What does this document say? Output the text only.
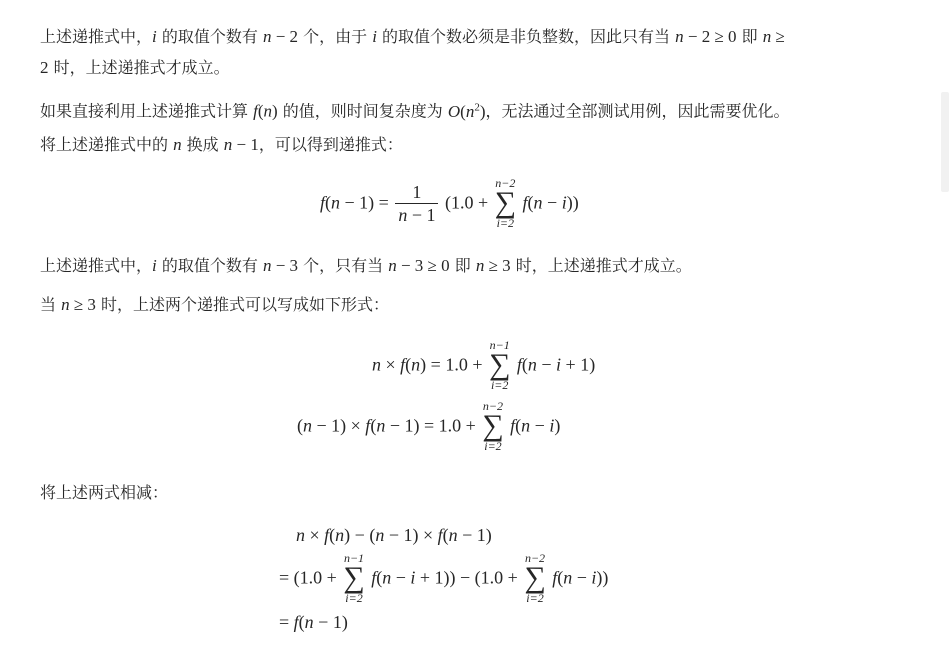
上述递推式中，i 的取值个数有 n − 2 个，由于 i 的取值个数必须是非负整数，因此只有当 n − 2 ≥ 0 即 n ≥
2 时，上述递推式才成立。
如果直接利用上述递推式计算 f(n) 的值，则时间复杂度为 $O(n^2)$，无法通过全部测试用例，因此需要优化。
将上述递推式中的 n 换成 n − 1，可以得到递推式：
$f(n - 1) = \frac{1}{n - 1} (1.0$ +
n−2
∑
i=2
f(n − i))
上述递推式中，i 的取值个数有 n − 3 个，只有当 n − 3 ≥ 0 即 n ≥ 3 时，上述递推式才成立。
当 n ≥ 3 时，上述两个递推式可以写成如下形式：
n × f(n) = 1.0 +
n−1
∑
i=2
f(n − i + 1)
(n − 1) × f(n − 1) = 1.0 +
n−2
∑
i=2
f(n − i)
将上述两式相减：
n × f(n) − (n − 1) × f(n − 1)
= (1.0 +
n−1
∑
i=2
f(n − i + 1)) − (1.0 +
n−2
∑
i=2
f(n − i))
= f(n − 1)
